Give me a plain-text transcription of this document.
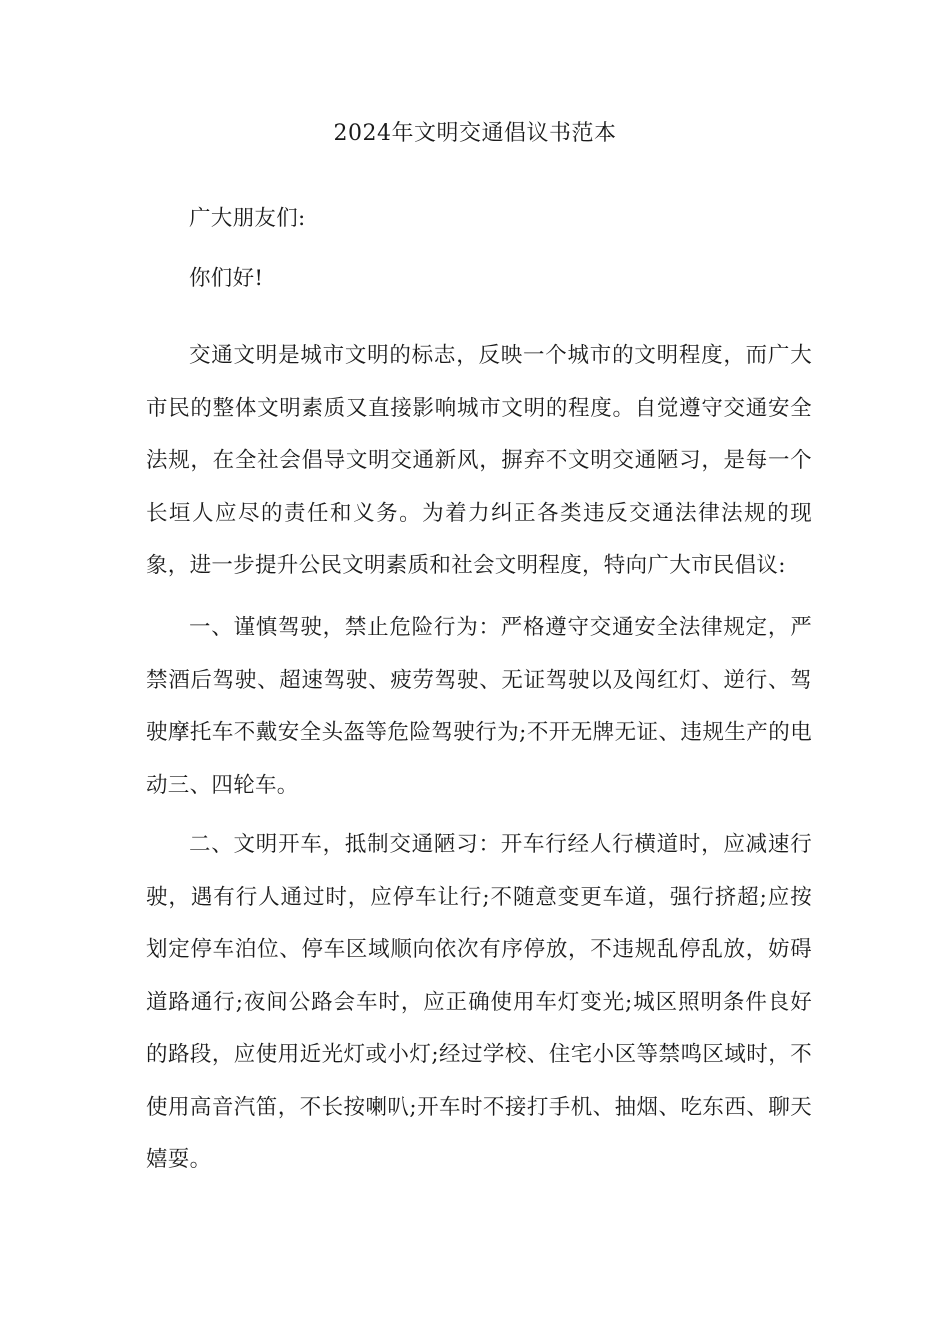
2024年文明交通倡议书范本

广大朋友们:

你们好!

交通文明是城市文明的标志，反映一个城市的文明程度，而广大市民的整体文明素质又直接影响城市文明的程度。自觉遵守交通安全法规，在全社会倡导文明交通新风，摒弃不文明交通陋习，是每一个长垣人应尽的责任和义务。为着力纠正各类违反交通法律法规的现象，进一步提升公民文明素质和社会文明程度，特向广大市民倡议:

一、谨慎驾驶，禁止危险行为：严格遵守交通安全法律规定，严禁酒后驾驶、超速驾驶、疲劳驾驶、无证驾驶以及闯红灯、逆行、驾驶摩托车不戴安全头盔等危险驾驶行为;不开无牌无证、违规生产的电动三、四轮车。

二、文明开车，抵制交通陋习：开车行经人行横道时，应减速行驶，遇有行人通过时，应停车让行;不随意变更车道，强行挤超;应按划定停车泊位、停车区域顺向依次有序停放，不违规乱停乱放，妨碍道路通行;夜间公路会车时，应正确使用车灯变光;城区照明条件良好的路段，应使用近光灯或小灯;经过学校、住宅小区等禁鸣区域时，不使用高音汽笛，不长按喇叭;开车时不接打手机、抽烟、吃东西、聊天嬉耍。
